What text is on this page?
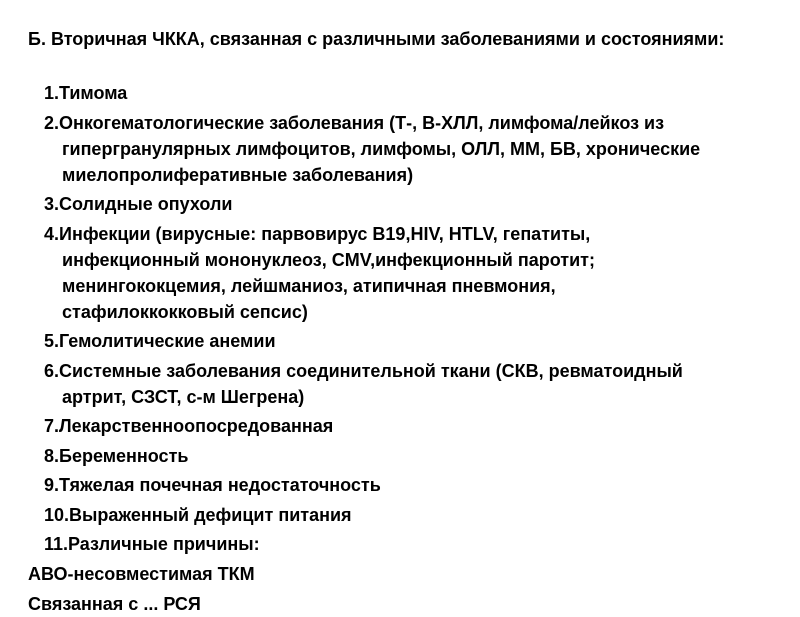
Б. Вторичная ЧККА, связанная с различными заболеваниями и состояниями:

1.Тимома
2.Онкогематологические заболевания (Т-, В-ХЛЛ, лимфома/лейкоз из
гипергранулярных лимфоцитов, лимфомы, ОЛЛ, ММ, БВ, хронические
миелопролиферативные заболевания)
3.Солидные опухоли
4.Инфекции (вирусные: парвовирус В19,HIV, HTLV, гепатиты,
инфекционный мононуклеоз, CMV,инфекционный паротит;
менингококцемия, лейшманиоз, атипичная пневмония,
стафилоккокковый сепсис)
5.Гемолитические анемии
6.Системные заболевания соединительной ткани (СКВ, ревматоидный
артрит, СЗСТ, с-м Шегрена)
7.Лекарственноопосредованная
8.Беременность
9.Тяжелая почечная недостаточность
10.Выраженный дефицит питания
11.Различные причины:
АВО-несовместимая ТКМ
Связанная с ... РСЯ
